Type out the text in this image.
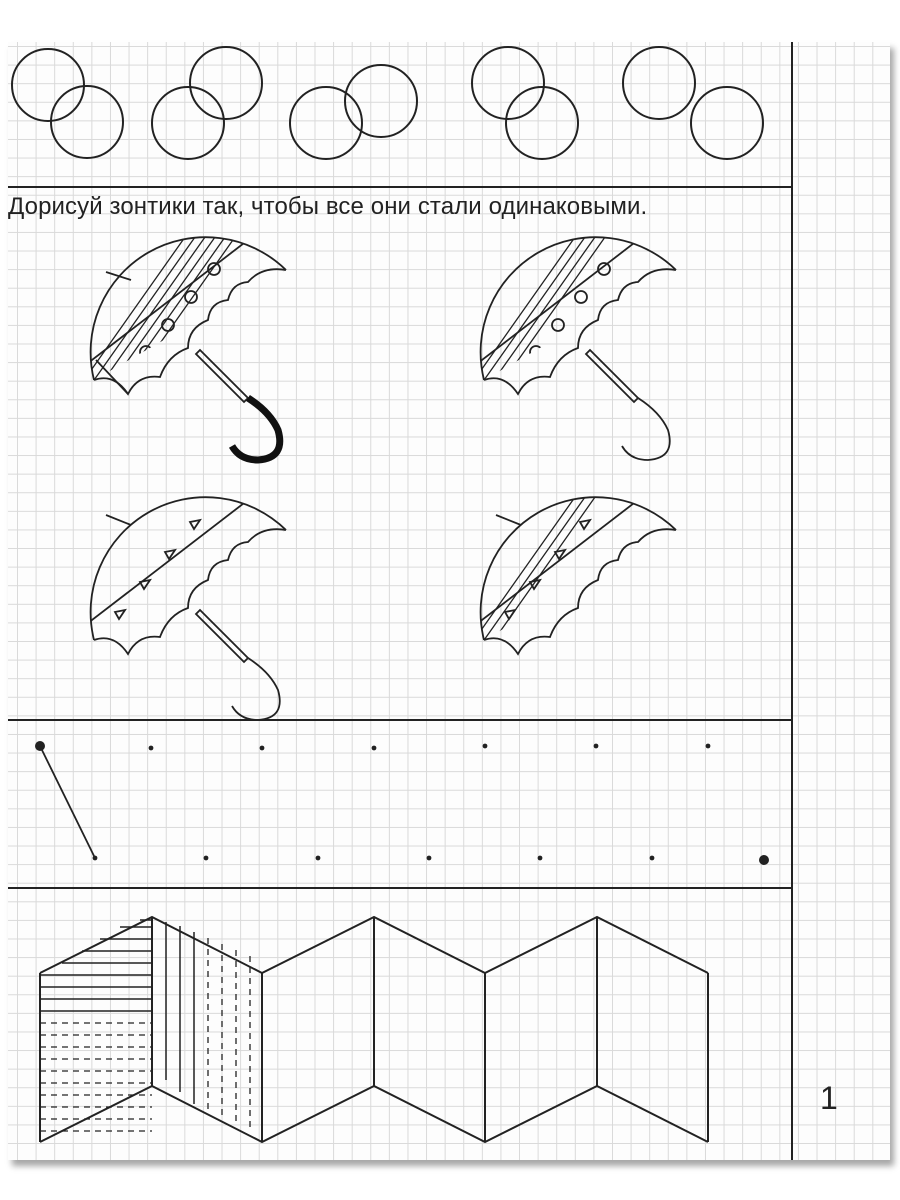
Дорисуй зонтики так, чтобы все они стали одинаковыми.
1
